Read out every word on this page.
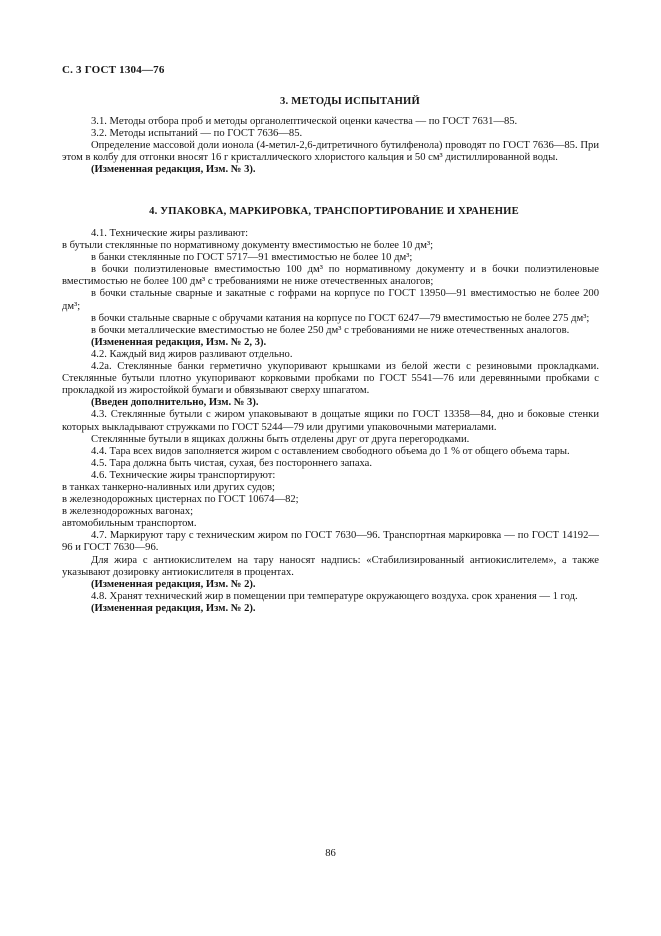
С. 3 ГОСТ 1304—76
3. МЕТОДЫ ИСПЫТАНИЙ

3.1. Методы отбора проб и методы органолептической оценки качества — по ГОСТ 7631—85.

3.2. Методы испытаний — по ГОСТ 7636—85.

Определение массовой доли ионола (4-метил-2,6-дитретичного бутилфенола) проводят по ГОСТ 7636—85. При этом в колбу для отгонки вносят 16 г кристаллического хлористого кальция и 50 см³ дистиллированной воды.

(Измененная редакция, Изм. № 3).

4. УПАКОВКА, МАРКИРОВКА, ТРАНСПОРТИРОВАНИЕ И ХРАНЕНИЕ

4.1. Технические жиры разливают:

в бутыли стеклянные по нормативному документу вместимостью не более 10 дм³;

в банки стеклянные по ГОСТ 5717—91 вместимостью не более 10 дм³;

в бочки полиэтиленовые вместимостью 100 дм³ по нормативному документу и в бочки полиэтиленовые вместимостью не более 100 дм³ с требованиями не ниже отечественных аналогов;

в бочки стальные сварные и закатные с гофрами на корпусе по ГОСТ 13950—91 вместимостью не более 200 дм³;

в бочки стальные сварные с обручами катания на корпусе по ГОСТ 6247—79 вместимостью не более 275 дм³;

в бочки металлические вместимостью не более 250 дм³ с требованиями не ниже отечественных аналогов.

(Измененная редакция, Изм. № 2, 3).

4.2. Каждый вид жиров разливают отдельно.

4.2а. Стеклянные банки герметично укупоривают крышками из белой жести с резиновыми прокладками. Стеклянные бутыли плотно укупоривают корковыми пробками по ГОСТ 5541—76 или деревянными пробками с прокладкой из жиростойкой бумаги и обвязывают сверху шпагатом.

(Введен дополнительно, Изм. № 3).

4.3. Стеклянные бутыли с жиром упаковывают в дощатые ящики по ГОСТ 13358—84, дно и боковые стенки которых выкладывают стружками по ГОСТ 5244—79 или другими упаковочными материалами.

Стеклянные бутыли в ящиках должны быть отделены друг от друга перегородками.

4.4. Тара всех видов заполняется жиром с оставлением свободного объема до 1 % от общего объема тары.

4.5. Тара должна быть чистая, сухая, без постороннего запаха.

4.6. Технические жиры транспортируют:

в танках танкерно-наливных или других судов;

в железнодорожных цистернах по ГОСТ 10674—82;

в железнодорожных вагонах;

автомобильным транспортом.

4.7. Маркируют тару с техническим жиром по ГОСТ 7630—96. Транспортная маркировка — по ГОСТ 14192—96 и ГОСТ 7630—96.

Для жира с антиокислителем на тару наносят надпись: «Стабилизированный антиокислителем», а также указывают дозировку антиокислителя в процентах.

(Измененная редакция, Изм. № 2).

4.8. Хранят технический жир в помещении при температуре окружающего воздуха. срок хранения — 1 год.

(Измененная редакция, Изм. № 2).

86
